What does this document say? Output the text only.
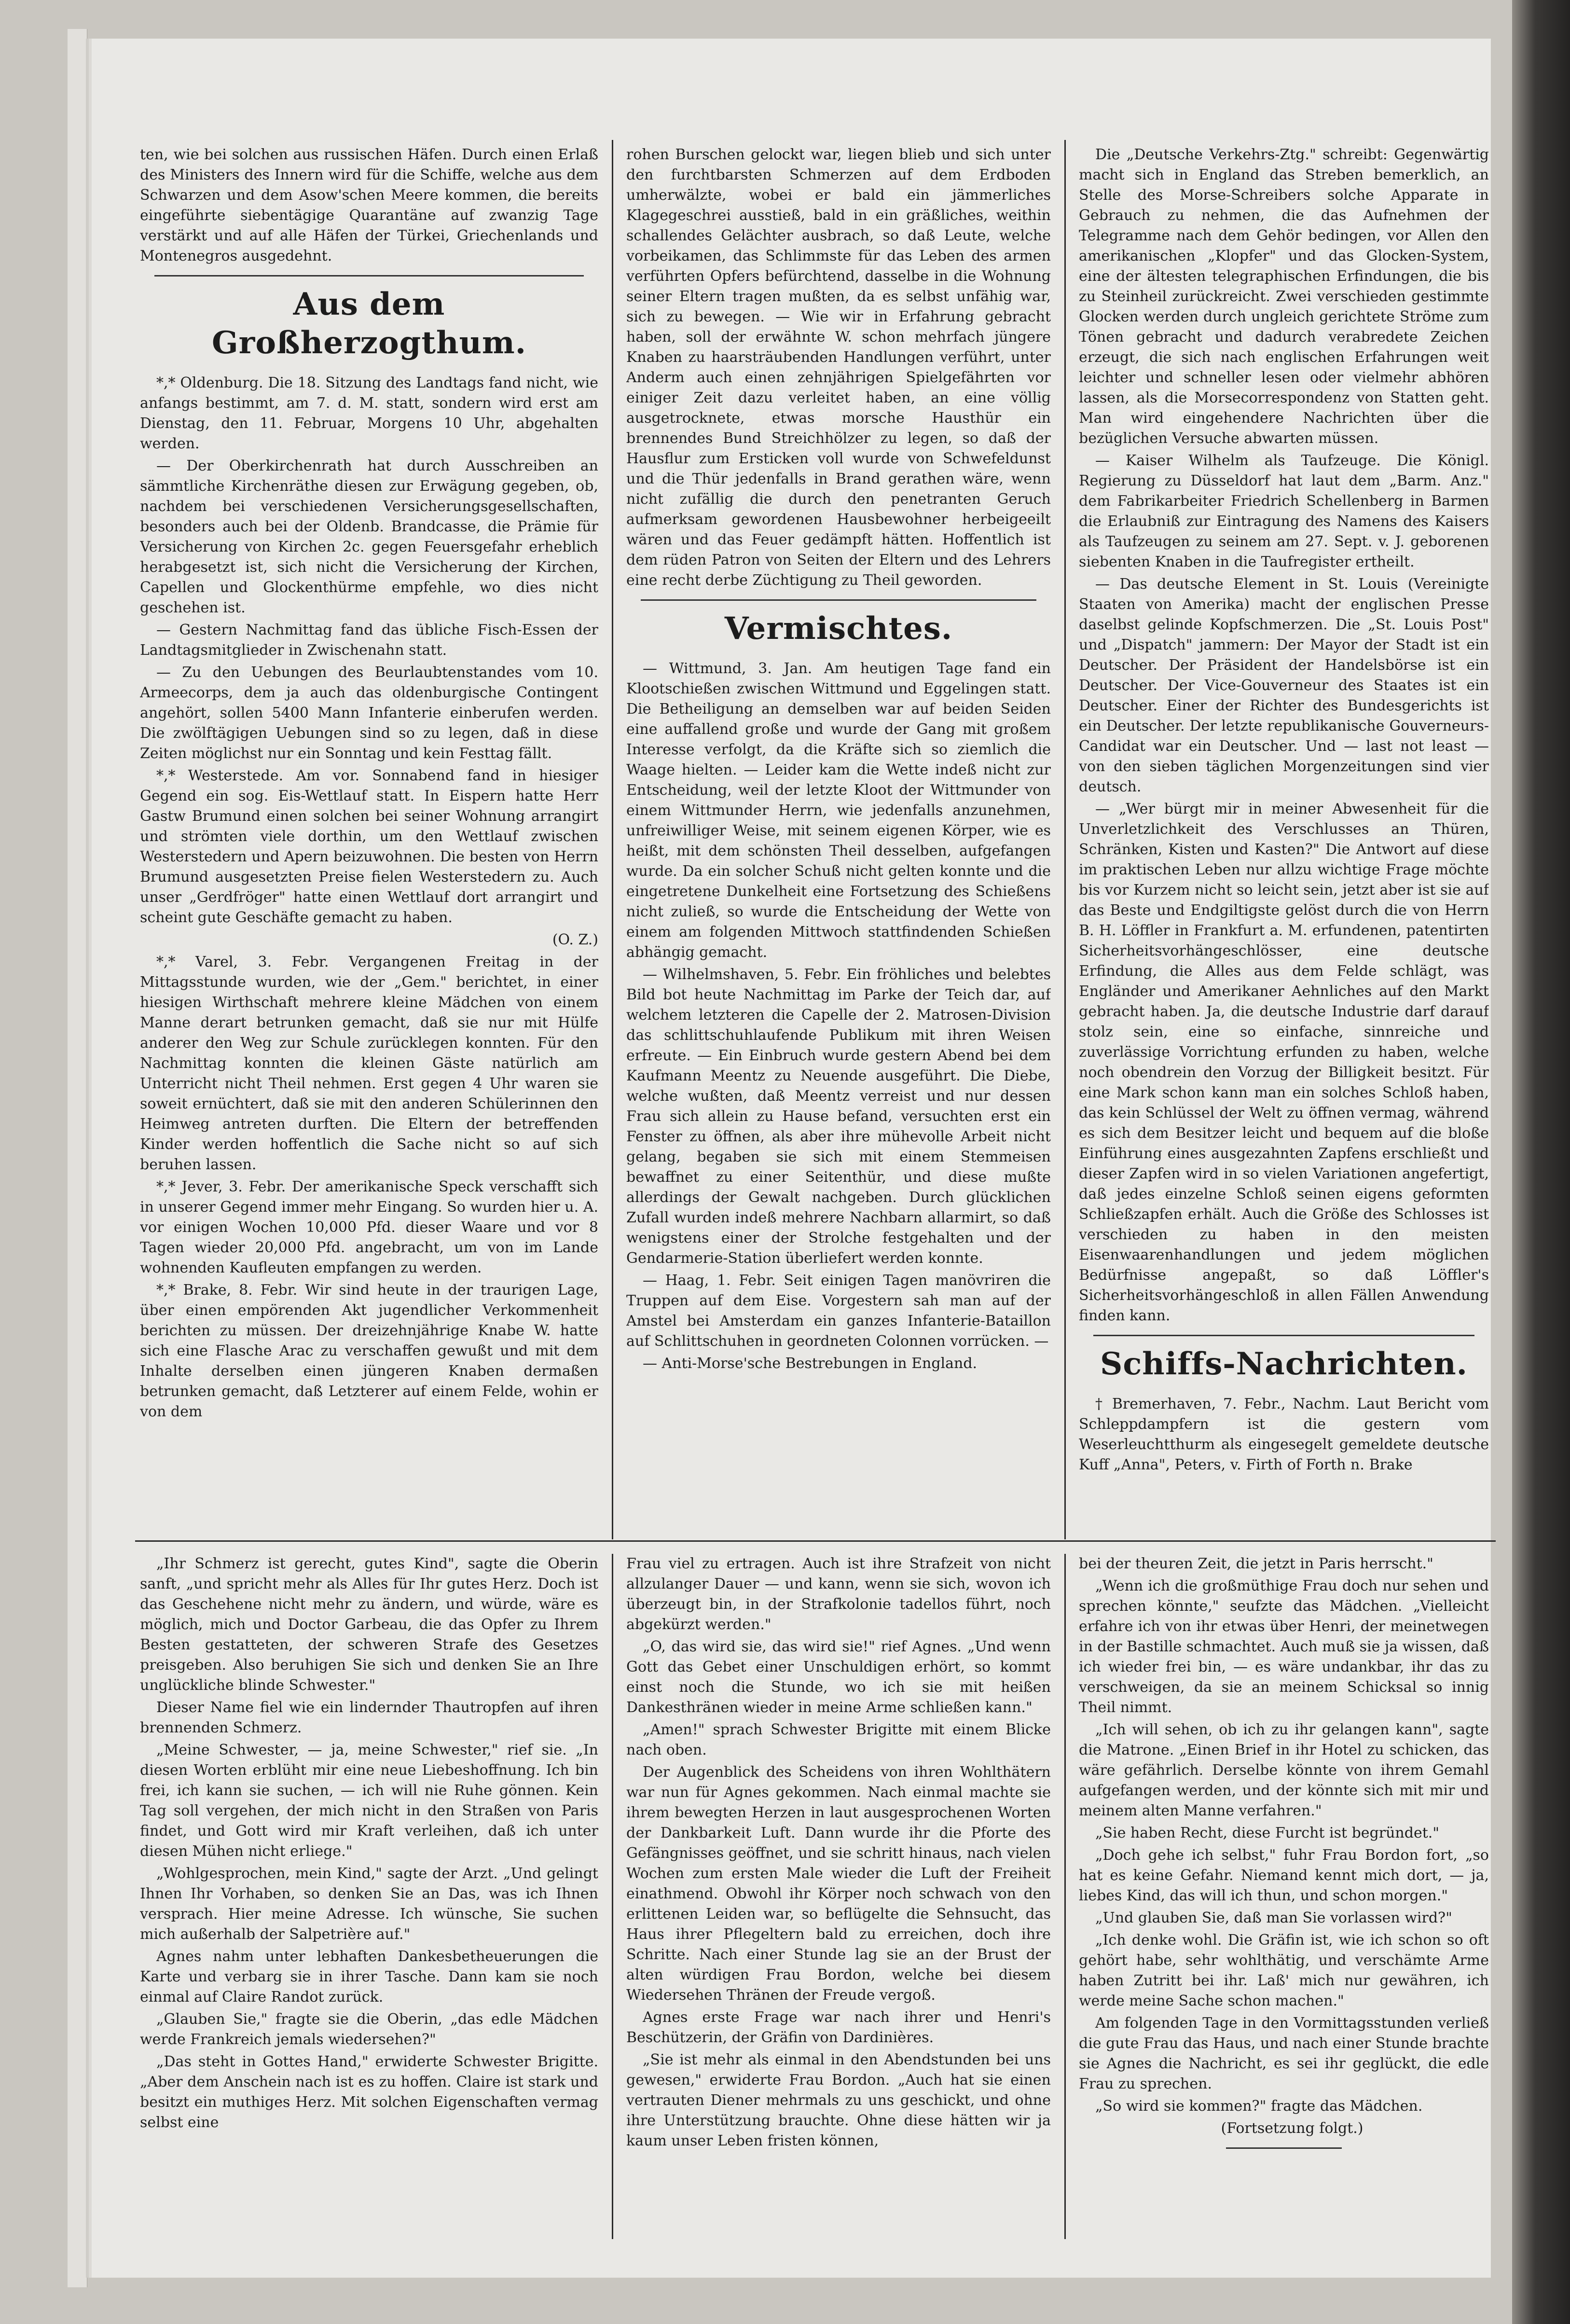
ten, wie bei solchen aus russischen Häfen. Durch einen Erlaß des Ministers des Innern wird für die Schiffe, welche aus dem Schwarzen und dem Asow'schen Meere kommen, die bereits eingeführte siebentägige Quarantäne auf zwanzig Tage verstärkt und auf alle Häfen der Türkei, Griechenlands und Montenegros ausgedehnt.

Aus dem Großherzogthum.

*,* Oldenburg. Die 18. Sitzung des Landtags fand nicht, wie anfangs bestimmt, am 7. d. M. statt, sondern wird erst am Dienstag, den 11. Februar, Morgens 10 Uhr, abgehalten werden.

— Der Oberkirchenrath hat durch Ausschreiben an sämmtliche Kirchenräthe diesen zur Erwägung gegeben, ob, nachdem bei verschiedenen Versicherungsgesellschaften, besonders auch bei der Oldenb. Brandcasse, die Prämie für Versicherung von Kirchen 2c. gegen Feuersgefahr erheblich herabgesetzt ist, sich nicht die Versicherung der Kirchen, Capellen und Glockenthürme empfehle, wo dies nicht geschehen ist.

— Gestern Nachmittag fand das übliche Fisch-Essen der Landtagsmitglieder in Zwischenahn statt.

— Zu den Uebungen des Beurlaubtenstandes vom 10. Armeecorps, dem ja auch das oldenburgische Contingent angehört, sollen 5400 Mann Infanterie einberufen werden. Die zwölftägigen Uebungen sind so zu legen, daß in diese Zeiten möglichst nur ein Sonntag und kein Festtag fällt.

*,* Westerstede. Am vor. Sonnabend fand in hiesiger Gegend ein sog. Eis-Wettlauf statt. In Eispern hatte Herr Gastw Brumund einen solchen bei seiner Wohnung arrangirt und strömten viele dorthin, um den Wettlauf zwischen Westerstedern und Apern beizuwohnen. Die besten von Herrn Brumund ausgesetzten Preise fielen Westerstedern zu. Auch unser „Gerdfröger" hatte einen Wettlauf dort arrangirt und scheint gute Geschäfte gemacht zu haben.

(O. Z.)

*,* Varel, 3. Febr. Vergangenen Freitag in der Mittagsstunde wurden, wie der „Gem." berichtet, in einer hiesigen Wirthschaft mehrere kleine Mädchen von einem Manne derart betrunken gemacht, daß sie nur mit Hülfe anderer den Weg zur Schule zurücklegen konnten. Für den Nachmittag konnten die kleinen Gäste natürlich am Unterricht nicht Theil nehmen. Erst gegen 4 Uhr waren sie soweit ernüchtert, daß sie mit den anderen Schülerinnen den Heimweg antreten durften. Die Eltern der betreffenden Kinder werden hoffentlich die Sache nicht so auf sich beruhen lassen.

*,* Jever, 3. Febr. Der amerikanische Speck verschafft sich in unserer Gegend immer mehr Eingang. So wurden hier u. A. vor einigen Wochen 10,000 Pfd. dieser Waare und vor 8 Tagen wieder 20,000 Pfd. angebracht, um von im Lande wohnenden Kaufleuten empfangen zu werden.

*,* Brake, 8. Febr. Wir sind heute in der traurigen Lage, über einen empörenden Akt jugendlicher Verkommenheit berichten zu müssen. Der dreizehnjährige Knabe W. hatte sich eine Flasche Arac zu verschaffen gewußt und mit dem Inhalte derselben einen jüngeren Knaben dermaßen betrunken gemacht, daß Letzterer auf einem Felde, wohin er von dem

rohen Burschen gelockt war, liegen blieb und sich unter den furchtbarsten Schmerzen auf dem Erdboden umherwälzte, wobei er bald ein jämmerliches Klagegeschrei ausstieß, bald in ein gräßliches, weithin schallendes Gelächter ausbrach, so daß Leute, welche vorbeikamen, das Schlimmste für das Leben des armen verführten Opfers befürchtend, dasselbe in die Wohnung seiner Eltern tragen mußten, da es selbst unfähig war, sich zu bewegen. — Wie wir in Erfahrung gebracht haben, soll der erwähnte W. schon mehrfach jüngere Knaben zu haarsträubenden Handlungen verführt, unter Anderm auch einen zehnjährigen Spielgefährten vor einiger Zeit dazu verleitet haben, an eine völlig ausgetrocknete, etwas morsche Hausthür ein brennendes Bund Streichhölzer zu legen, so daß der Hausflur zum Ersticken voll wurde von Schwefeldunst und die Thür jedenfalls in Brand gerathen wäre, wenn nicht zufällig die durch den penetranten Geruch aufmerksam gewordenen Hausbewohner herbeigeeilt wären und das Feuer gedämpft hätten. Hoffentlich ist dem rüden Patron von Seiten der Eltern und des Lehrers eine recht derbe Züchtigung zu Theil geworden.

Vermischtes.

— Wittmund, 3. Jan. Am heutigen Tage fand ein Klootschießen zwischen Wittmund und Eggelingen statt. Die Betheiligung an demselben war auf beiden Seiden eine auffallend große und wurde der Gang mit großem Interesse verfolgt, da die Kräfte sich so ziemlich die Waage hielten. — Leider kam die Wette indeß nicht zur Entscheidung, weil der letzte Kloot der Wittmunder von einem Wittmunder Herrn, wie jedenfalls anzunehmen, unfreiwilliger Weise, mit seinem eigenen Körper, wie es heißt, mit dem schönsten Theil desselben, aufgefangen wurde. Da ein solcher Schuß nicht gelten konnte und die eingetretene Dunkelheit eine Fortsetzung des Schießens nicht zuließ, so wurde die Entscheidung der Wette von einem am folgenden Mittwoch stattfindenden Schießen abhängig gemacht.

— Wilhelmshaven, 5. Febr. Ein fröhliches und belebtes Bild bot heute Nachmittag im Parke der Teich dar, auf welchem letzteren die Capelle der 2. Matrosen-Division das schlittschuhlaufende Publikum mit ihren Weisen erfreute. — Ein Einbruch wurde gestern Abend bei dem Kaufmann Meentz zu Neuende ausgeführt. Die Diebe, welche wußten, daß Meentz verreist und nur dessen Frau sich allein zu Hause befand, versuchten erst ein Fenster zu öffnen, als aber ihre mühevolle Arbeit nicht gelang, begaben sie sich mit einem Stemmeisen bewaffnet zu einer Seitenthür, und diese mußte allerdings der Gewalt nachgeben. Durch glücklichen Zufall wurden indeß mehrere Nachbarn allarmirt, so daß wenigstens einer der Strolche festgehalten und der Gendarmerie-Station überliefert werden konnte.

— Haag, 1. Febr. Seit einigen Tagen manövriren die Truppen auf dem Eise. Vorgestern sah man auf der Amstel bei Amsterdam ein ganzes Infanterie-Bataillon auf Schlittschuhen in geordneten Colonnen vorrücken. —

— Anti-Morse'sche Bestrebungen in England.

Die „Deutsche Verkehrs-Ztg." schreibt: Gegenwärtig macht sich in England das Streben bemerklich, an Stelle des Morse-Schreibers solche Apparate in Gebrauch zu nehmen, die das Aufnehmen der Telegramme nach dem Gehör bedingen, vor Allen den amerikanischen „Klopfer" und das Glocken-System, eine der ältesten telegraphischen Erfindungen, die bis zu Steinheil zurückreicht. Zwei verschieden gestimmte Glocken werden durch ungleich gerichtete Ströme zum Tönen gebracht und dadurch verabredete Zeichen erzeugt, die sich nach englischen Erfahrungen weit leichter und schneller lesen oder vielmehr abhören lassen, als die Morsecorrespondenz von Statten geht. Man wird eingehendere Nachrichten über die bezüglichen Versuche abwarten müssen.

— Kaiser Wilhelm als Taufzeuge. Die Königl. Regierung zu Düsseldorf hat laut dem „Barm. Anz." dem Fabrikarbeiter Friedrich Schellenberg in Barmen die Erlaubniß zur Eintragung des Namens des Kaisers als Taufzeugen zu seinem am 27. Sept. v. J. geborenen siebenten Knaben in die Taufregister ertheilt.

— Das deutsche Element in St. Louis (Vereinigte Staaten von Amerika) macht der englischen Presse daselbst gelinde Kopfschmerzen. Die „St. Louis Post" und „Dispatch" jammern: Der Mayor der Stadt ist ein Deutscher. Der Präsident der Handelsbörse ist ein Deutscher. Der Vice-Gouverneur des Staates ist ein Deutscher. Einer der Richter des Bundesgerichts ist ein Deutscher. Der letzte republikanische Gouverneurs-Candidat war ein Deutscher. Und — last not least — von den sieben täglichen Morgenzeitungen sind vier deutsch.

— „Wer bürgt mir in meiner Abwesenheit für die Unverletzlichkeit des Verschlusses an Thüren, Schränken, Kisten und Kasten?" Die Antwort auf diese im praktischen Leben nur allzu wichtige Frage möchte bis vor Kurzem nicht so leicht sein, jetzt aber ist sie auf das Beste und Endgiltigste gelöst durch die von Herrn B. H. Löffler in Frankfurt a. M. erfundenen, patentirten Sicherheitsvorhängeschlösser, eine deutsche Erfindung, die Alles aus dem Felde schlägt, was Engländer und Amerikaner Aehnliches auf den Markt gebracht haben. Ja, die deutsche Industrie darf darauf stolz sein, eine so einfache, sinnreiche und zuverlässige Vorrichtung erfunden zu haben, welche noch obendrein den Vorzug der Billigkeit besitzt. Für eine Mark schon kann man ein solches Schloß haben, das kein Schlüssel der Welt zu öffnen vermag, während es sich dem Besitzer leicht und bequem auf die bloße Einführung eines ausgezahnten Zapfens erschließt und dieser Zapfen wird in so vielen Variationen angefertigt, daß jedes einzelne Schloß seinen eigens geformten Schließzapfen erhält. Auch die Größe des Schlosses ist verschieden zu haben in den meisten Eisenwaarenhandlungen und jedem möglichen Bedürfnisse angepaßt, so daß Löffler's Sicherheitsvorhängeschloß in allen Fällen Anwendung finden kann.

Schiffs-Nachrichten.

† Bremerhaven, 7. Febr., Nachm. Laut Bericht vom Schleppdampfern ist die gestern vom Weserleuchtthurm als eingesegelt gemeldete deutsche Kuff „Anna", Peters, v. Firth of Forth n. Brake

„Ihr Schmerz ist gerecht, gutes Kind", sagte die Oberin sanft, „und spricht mehr als Alles für Ihr gutes Herz. Doch ist das Geschehene nicht mehr zu ändern, und würde, wäre es möglich, mich und Doctor Garbeau, die das Opfer zu Ihrem Besten gestatteten, der schweren Strafe des Gesetzes preisgeben. Also beruhigen Sie sich und denken Sie an Ihre unglückliche blinde Schwester."

Dieser Name fiel wie ein lindernder Thautropfen auf ihren brennenden Schmerz.

„Meine Schwester, — ja, meine Schwester," rief sie. „In diesen Worten erblüht mir eine neue Liebeshoffnung. Ich bin frei, ich kann sie suchen, — ich will nie Ruhe gönnen. Kein Tag soll vergehen, der mich nicht in den Straßen von Paris findet, und Gott wird mir Kraft verleihen, daß ich unter diesen Mühen nicht erliege."

„Wohlgesprochen, mein Kind," sagte der Arzt. „Und gelingt Ihnen Ihr Vorhaben, so denken Sie an Das, was ich Ihnen versprach. Hier meine Adresse. Ich wünsche, Sie suchen mich außerhalb der Salpetrière auf."

Agnes nahm unter lebhaften Dankesbetheuerungen die Karte und verbarg sie in ihrer Tasche. Dann kam sie noch einmal auf Claire Randot zurück.

„Glauben Sie," fragte sie die Oberin, „das edle Mädchen werde Frankreich jemals wiedersehen?"

„Das steht in Gottes Hand," erwiderte Schwester Brigitte. „Aber dem Anschein nach ist es zu hoffen. Claire ist stark und besitzt ein muthiges Herz. Mit solchen Eigenschaften vermag selbst eine

Frau viel zu ertragen. Auch ist ihre Strafzeit von nicht allzulanger Dauer — und kann, wenn sie sich, wovon ich überzeugt bin, in der Strafkolonie tadellos führt, noch abgekürzt werden."

„O, das wird sie, das wird sie!" rief Agnes. „Und wenn Gott das Gebet einer Unschuldigen erhört, so kommt einst noch die Stunde, wo ich sie mit heißen Dankesthränen wieder in meine Arme schließen kann."

„Amen!" sprach Schwester Brigitte mit einem Blicke nach oben.

Der Augenblick des Scheidens von ihren Wohlthätern war nun für Agnes gekommen. Nach einmal machte sie ihrem bewegten Herzen in laut ausgesprochenen Worten der Dankbarkeit Luft. Dann wurde ihr die Pforte des Gefängnisses geöffnet, und sie schritt hinaus, nach vielen Wochen zum ersten Male wieder die Luft der Freiheit einathmend. Obwohl ihr Körper noch schwach von den erlittenen Leiden war, so beflügelte die Sehnsucht, das Haus ihrer Pflegeltern bald zu erreichen, doch ihre Schritte. Nach einer Stunde lag sie an der Brust der alten würdigen Frau Bordon, welche bei diesem Wiedersehen Thränen der Freude vergoß.

Agnes erste Frage war nach ihrer und Henri's Beschützerin, der Gräfin von Dardinières.

„Sie ist mehr als einmal in den Abendstunden bei uns gewesen," erwiderte Frau Bordon. „Auch hat sie einen vertrauten Diener mehrmals zu uns geschickt, und ohne ihre Unterstützung brauchte. Ohne diese hätten wir ja kaum unser Leben fristen können,

bei der theuren Zeit, die jetzt in Paris herrscht."

„Wenn ich die großmüthige Frau doch nur sehen und sprechen könnte," seufzte das Mädchen. „Vielleicht erfahre ich von ihr etwas über Henri, der meinetwegen in der Bastille schmachtet. Auch muß sie ja wissen, daß ich wieder frei bin, — es wäre undankbar, ihr das zu verschweigen, da sie an meinem Schicksal so innig Theil nimmt.

„Ich will sehen, ob ich zu ihr gelangen kann", sagte die Matrone. „Einen Brief in ihr Hotel zu schicken, das wäre gefährlich. Derselbe könnte von ihrem Gemahl aufgefangen werden, und der könnte sich mit mir und meinem alten Manne verfahren."

„Sie haben Recht, diese Furcht ist begründet."

„Doch gehe ich selbst," fuhr Frau Bordon fort, „so hat es keine Gefahr. Niemand kennt mich dort, — ja, liebes Kind, das will ich thun, und schon morgen."

„Und glauben Sie, daß man Sie vorlassen wird?"

„Ich denke wohl. Die Gräfin ist, wie ich schon so oft gehört habe, sehr wohlthätig, und verschämte Arme haben Zutritt bei ihr. Laß' mich nur gewähren, ich werde meine Sache schon machen."

Am folgenden Tage in den Vormittagsstunden verließ die gute Frau das Haus, und nach einer Stunde brachte sie Agnes die Nachricht, es sei ihr geglückt, die edle Frau zu sprechen.

„So wird sie kommen?" fragte das Mädchen.

(Fortsetzung folgt.)
